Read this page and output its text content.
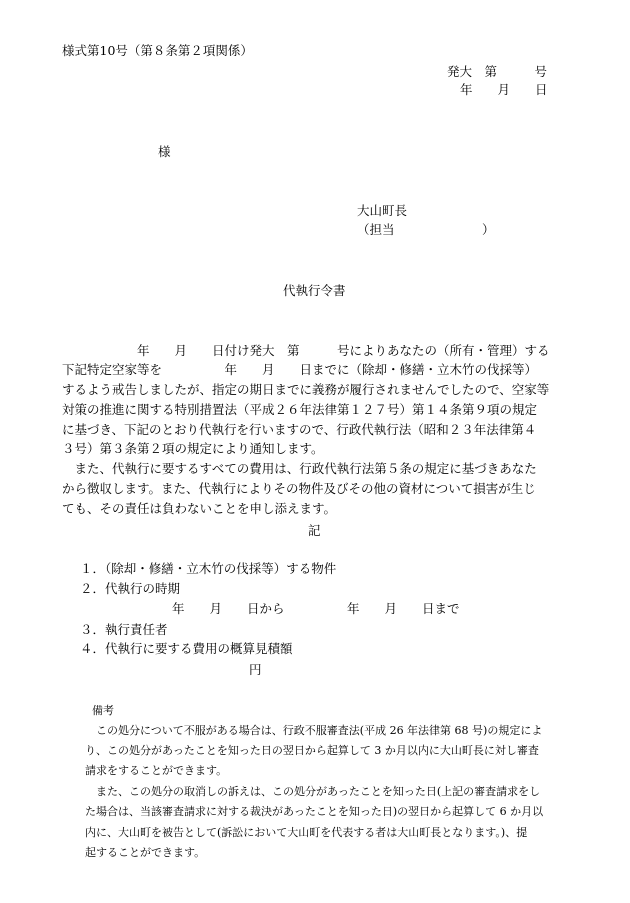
様式第10号（第８条第２項関係）
発大　第　　　号
年　　月　　日
様
大山町長
（担当　　　　　　　）
代執行令書
　　　　　　年　　月　　日付け発大　第　　　号によりあなたの（所有・管理）する
下記特定空家等を　　　　　年　　月　　日までに（除却・修繕・立木竹の伐採等）
するよう戒告しましたが、指定の期日までに義務が履行されませんでしたので、空家等
対策の推進に関する特別措置法（平成２６年法律第１２７号）第１４条第９項の規定
に基づき、下記のとおり代執行を行いますので、行政代執行法（昭和２３年法律第４
３号）第３条第２項の規定により通知します。
　また、代執行に要するすべての費用は、行政代執行法第５条の規定に基づきあなた
から徴収します。また、代執行によりその物件及びその他の資材について損害が生じ
ても、その責任は負わないことを申し添えます。
記
１．（除却・修繕・立木竹の伐採等）する物件
２．代執行の時期
年　　月　　日から　　　　　年　　月　　日まで
３．執行責任者
４．代執行に要する費用の概算見積額
円
備考
この処分について不服がある場合は、行政不服審査法(平成 26 年法律第 68 号)の規定によ
り、この処分があったことを知った日の翌日から起算して 3 か月以内に大山町長に対し審査
請求をすることができます。
また、この処分の取消しの訴えは、この処分があったことを知った日(上記の審査請求をし
た場合は、当該審査請求に対する裁決があったことを知った日)の翌日から起算して 6 か月以
内に、大山町を被告として(訴訟において大山町を代表する者は大山町長となります。)、提
起することができます。
